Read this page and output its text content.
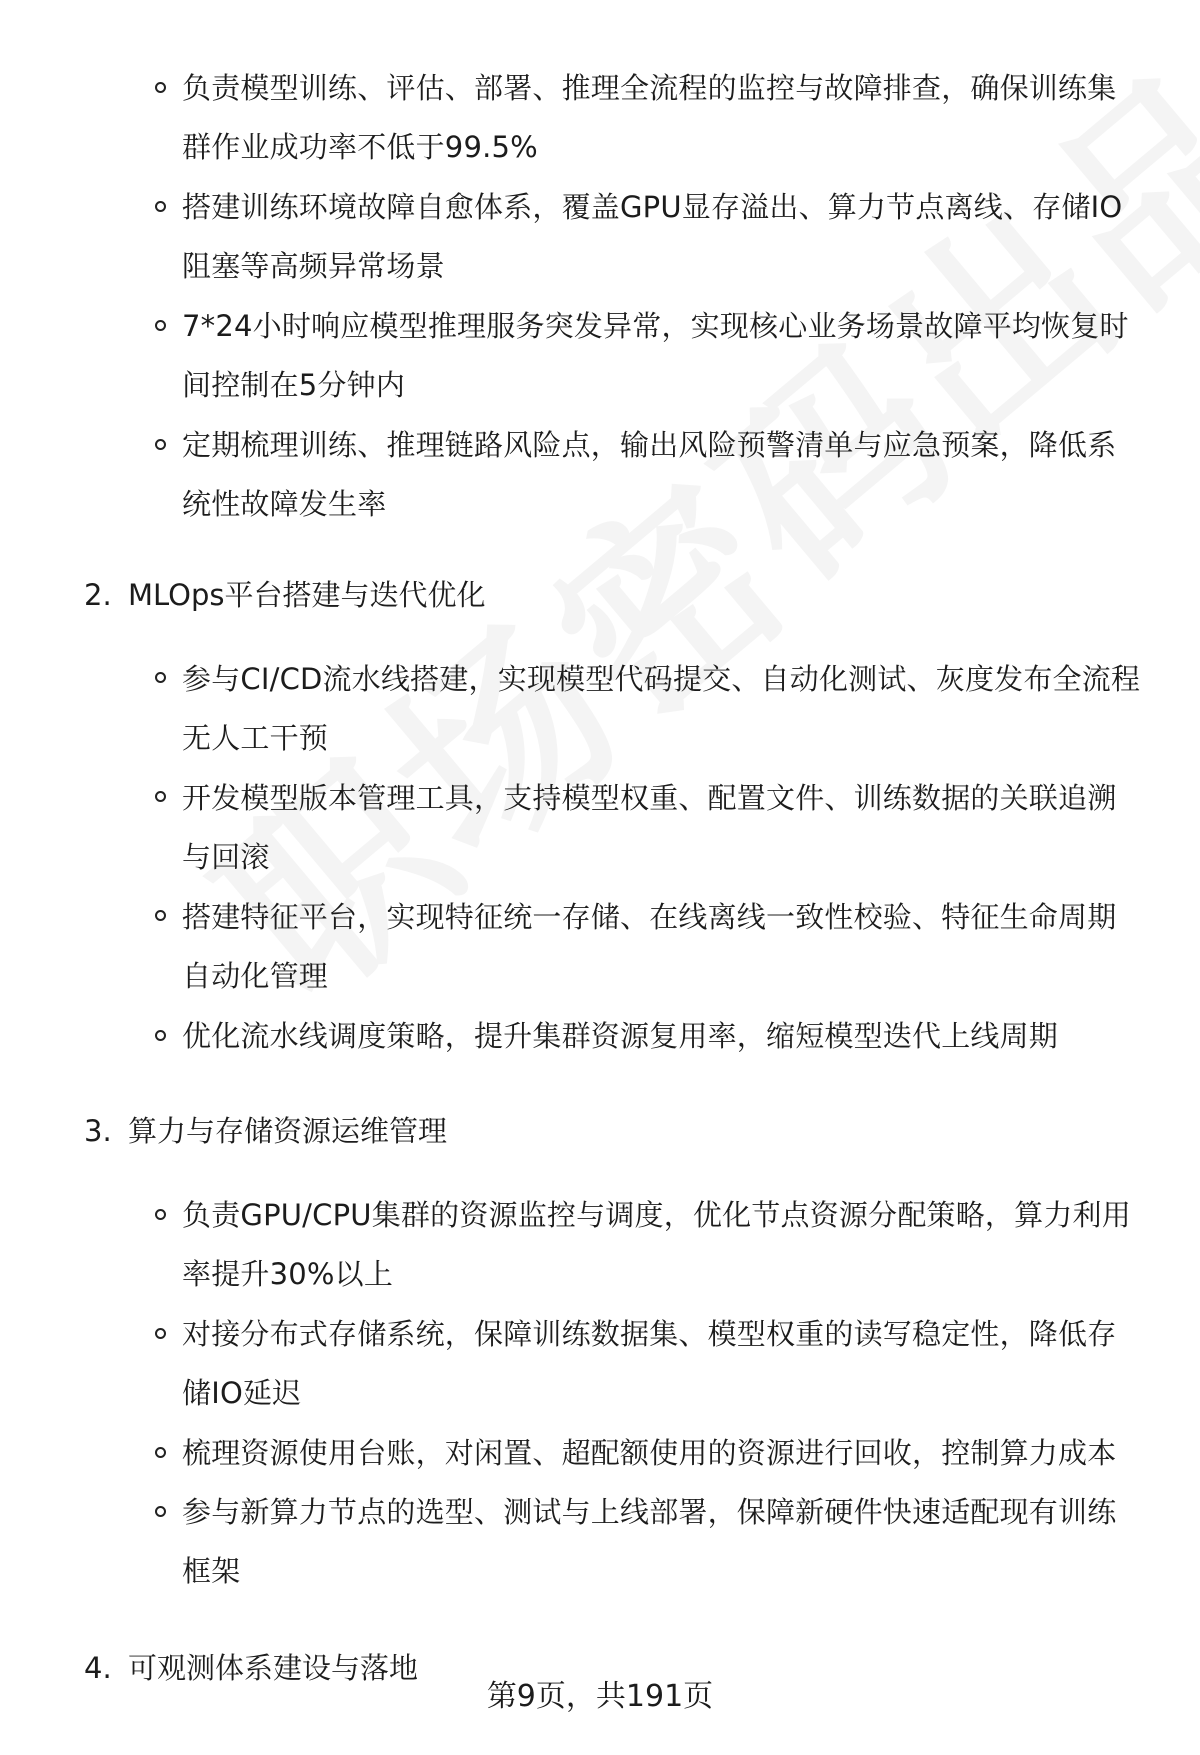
负责模型训练、评估、部署、推理全流程的监控与故障排查，确保训练集群作业成功率不低于99.5%
搭建训练环境故障自愈体系，覆盖GPU显存溢出、算力节点离线、存储IO阻塞等高频异常场景
7*24小时响应模型推理服务突发异常，实现核心业务场景故障平均恢复时间控制在5分钟内
定期梳理训练、推理链路风险点，输出风险预警清单与应急预案，降低系统性故障发生率
2. MLOps平台搭建与迭代优化
参与CI/CD流水线搭建，实现模型代码提交、自动化测试、灰度发布全流程无人工干预
开发模型版本管理工具，支持模型权重、配置文件、训练数据的关联追溯与回滚
搭建特征平台，实现特征统一存储、在线离线一致性校验、特征生命周期自动化管理
优化流水线调度策略，提升集群资源复用率，缩短模型迭代上线周期
3. 算力与存储资源运维管理
负责GPU/CPU集群的资源监控与调度，优化节点资源分配策略，算力利用率提升30%以上
对接分布式存储系统，保障训练数据集、模型权重的读写稳定性，降低存储IO延迟
梳理资源使用台账，对闲置、超配额使用的资源进行回收，控制算力成本
参与新算力节点的选型、测试与上线部署，保障新硬件快速适配现有训练框架
4. 可观测体系建设与落地
第9页，共191页
